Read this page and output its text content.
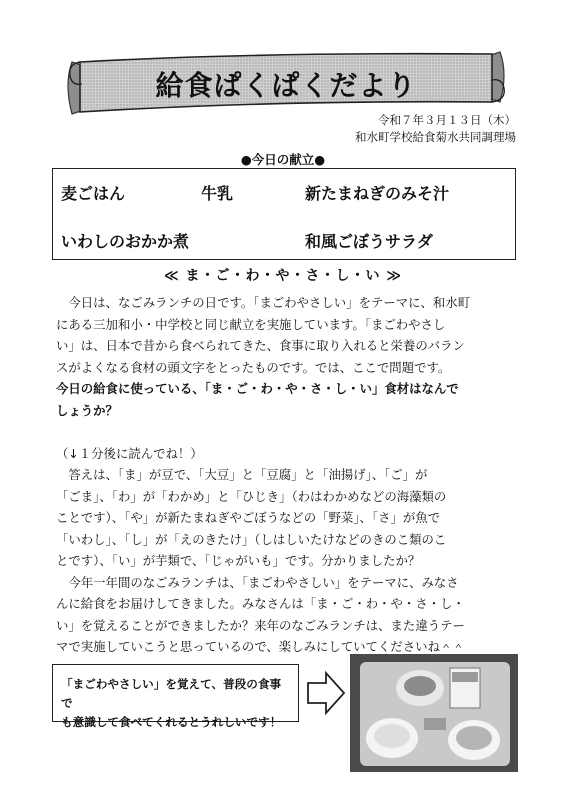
給食ぱくぱくだより
令和７年３月１３日（木）
和水町学校給食菊水共同調理場
●今日の献立●
麦ごはん	牛乳	新たまねぎのみそ汁
いわしのおかか煮	和風ごぼうサラダ
≪ ま・ご・わ・や・さ・し・い ≫
　今日は、なごみランチの日です。「まごわやさしい」をテーマに、和水町
にある三加和小・中学校と同じ献立を実施しています。「まごわやさし
い」は、日本で昔から食べられてきた、食事に取り入れると栄養のバラン
スがよくなる食材の頭文字をとったものです。では、ここで問題です。
今日の給食に使っている、「ま・ご・わ・や・さ・し・い」食材はなんで
しょうか？
（↓１分後に読んでね！）
　答えは、「ま」が豆で、「大豆」と「豆腐」と「油揚げ」、「ご」が
「ごま」、「わ」が「わかめ」と「ひじき」（わはわかめなどの海藻類の
ことです）、「や」が新たまねぎやごぼうなどの「野菜」、「さ」が魚で
「いわし」、「し」が「えのきたけ」（しはしいたけなどのきのこ類のこ
とです）、「い」が芋類で、「じゃがいも」です。分かりましたか？
　今年一年間のなごみランチは、「まごわやさしい」をテーマに、みなさ
んに給食をお届けしてきました。みなさんは「ま・ご・わ・や・さ・し・
い」を覚えることができましたか？来年のなごみランチは、また違うテー
マで実施していこうと思っているので、楽しみにしていてくださいね＾＾
「まごわやさしい」を覚えて、普段の食事で
も意識して食べてくれるとうれしいです！
